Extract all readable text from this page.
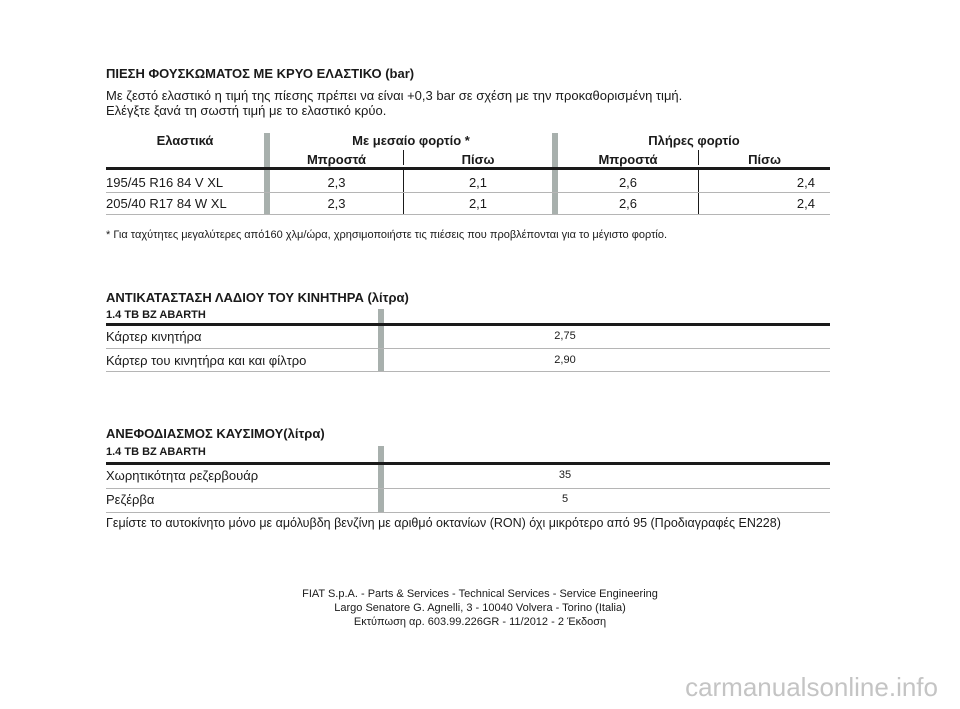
ΠΙΕΣΗ ΦΟΥΣΚΩΜΑΤΟΣ ΜΕ ΚΡΥΟ ΕΛΑΣΤΙΚΟ (bar)
Με ζεστό ελαστικό η τιμή της πίεσης πρέπει να είναι +0,3 bar σε σχέση με την προκαθορισμένη τιμή.
Ελέγξτε ξανά τη σωστή τιμή με το ελαστικό κρύο.
Ελαστικά	Με μεσαίο φορτίο *	Πλήρες φορτίο
Μπροστά	Πίσω	Μπροστά	Πίσω
195/45 R16 84 V XL	2,3	2,1	2,6	2,4
205/40 R17 84 W XL	2,3	2,1	2,6	2,4
* Για ταχύτητες μεγαλύτερες από160 χλμ/ώρα, χρησιμοποιήστε τις πιέσεις που προβλέπονται για το μέγιστο φορτίο.
ΑΝΤΙΚΑΤΑΣΤΑΣΗ ΛΑΔΙΟΥ ΤΟΥ ΚΙΝΗΤΗΡΑ (λίτρα)
1.4 TB BZ ABARTH
Κάρτερ κινητήρα	2,75
Κάρτερ του κινητήρα και και φίλτρο	2,90
ΑΝΕΦΟΔΙΑΣΜΟΣ ΚΑΥΣΙΜΟΥ(λίτρα)
1.4 TB BZ ABARTH
Χωρητικότητα ρεζερβουάρ	35
Ρεζέρβα	5
Γεμίστε το αυτοκίνητο μόνο με αμόλυβδη βενζίνη με αριθμό οκτανίων (RON) όχι μικρότερο από 95 (Προδιαγραφές EN228)
FIAT S.p.A. - Parts & Services - Technical Services - Service Engineering
Largo Senatore G. Agnelli, 3 - 10040 Volvera - Torino (Italia)
Εκτύπωση αρ. 603.99.226GR - 11/2012 - 2 Έκδοση
carmanualsonline.info
